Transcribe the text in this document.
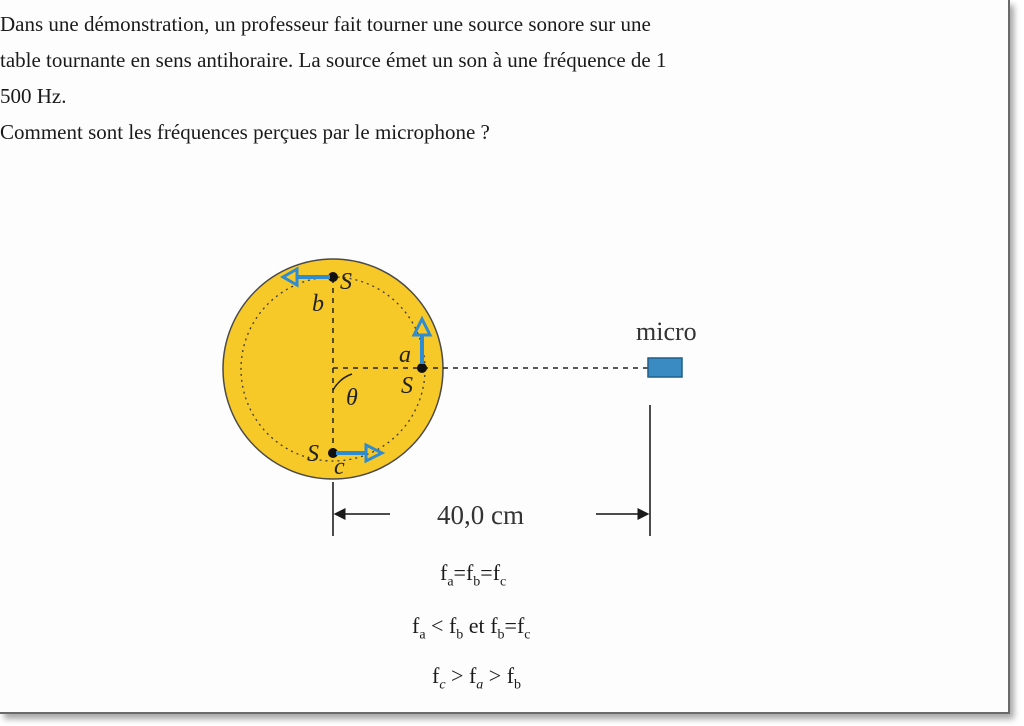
Dans une démonstration, un professeur fait tourner une source sonore sur une

table tournante en sens antihoraire. La source émet un son à une fréquence de 1

500 Hz.

Comment sont les fréquences perçues par le microphone ?

S
b
a
S
θ
S c
micro
40,0 cm
$f_a=f_b=f_c$
$f_a < f_b$ et $f_b=f_c$
$f_c > f_a > f_b$
